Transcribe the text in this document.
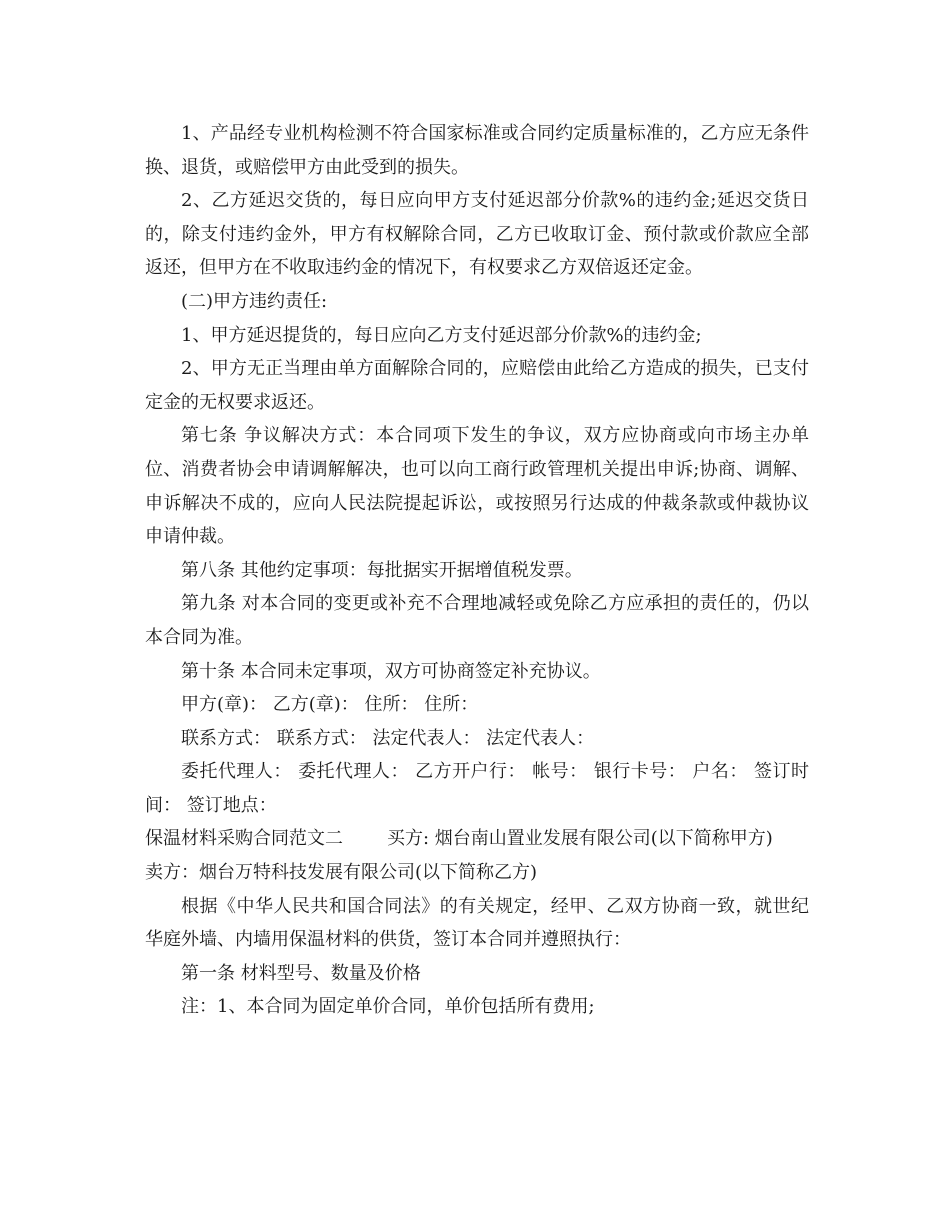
1、产品经专业机构检测不符合国家标准或合同约定质量标准的，乙方应无条件换、退货，或赔偿甲方由此受到的损失。

2、乙方延迟交货的，每日应向甲方支付延迟部分价款%的违约金;延迟交货日的，除支付违约金外，甲方有权解除合同，乙方已收取订金、预付款或价款应全部返还，但甲方在不收取违约金的情况下，有权要求乙方双倍返还定金。

(二)甲方违约责任:

1、甲方延迟提货的，每日应向乙方支付延迟部分价款%的违约金;

2、甲方无正当理由单方面解除合同的，应赔偿由此给乙方造成的损失，已支付定金的无权要求返还。

第七条 争议解决方式：本合同项下发生的争议，双方应协商或向市场主办单位、消费者协会申请调解解决，也可以向工商行政管理机关提出申诉;协商、调解、申诉解决不成的，应向人民法院提起诉讼，或按照另行达成的仲裁条款或仲裁协议申请仲裁。

第八条 其他约定事项：每批据实开据增值税发票。

第九条 对本合同的变更或补充不合理地减轻或免除乙方应承担的责任的，仍以本合同为准。

第十条 本合同未定事项，双方可协商签定补充协议。

甲方(章)： 乙方(章)： 住所： 住所：

联系方式： 联系方式： 法定代表人： 法定代表人：

委托代理人： 委托代理人： 乙方开户行： 帐号： 银行卡号： 户名： 签订时间： 签订地点：

保温材料采购合同范文二 买方: 烟台南山置业发展有限公司(以下简称甲方)

卖方：烟台万特科技发展有限公司(以下简称乙方)

根据《中华人民共和国合同法》的有关规定，经甲、乙双方协商一致，就世纪华庭外墙、内墙用保温材料的供货，签订本合同并遵照执行：

第一条 材料型号、数量及价格

注：1、本合同为固定单价合同，单价包括所有费用;
